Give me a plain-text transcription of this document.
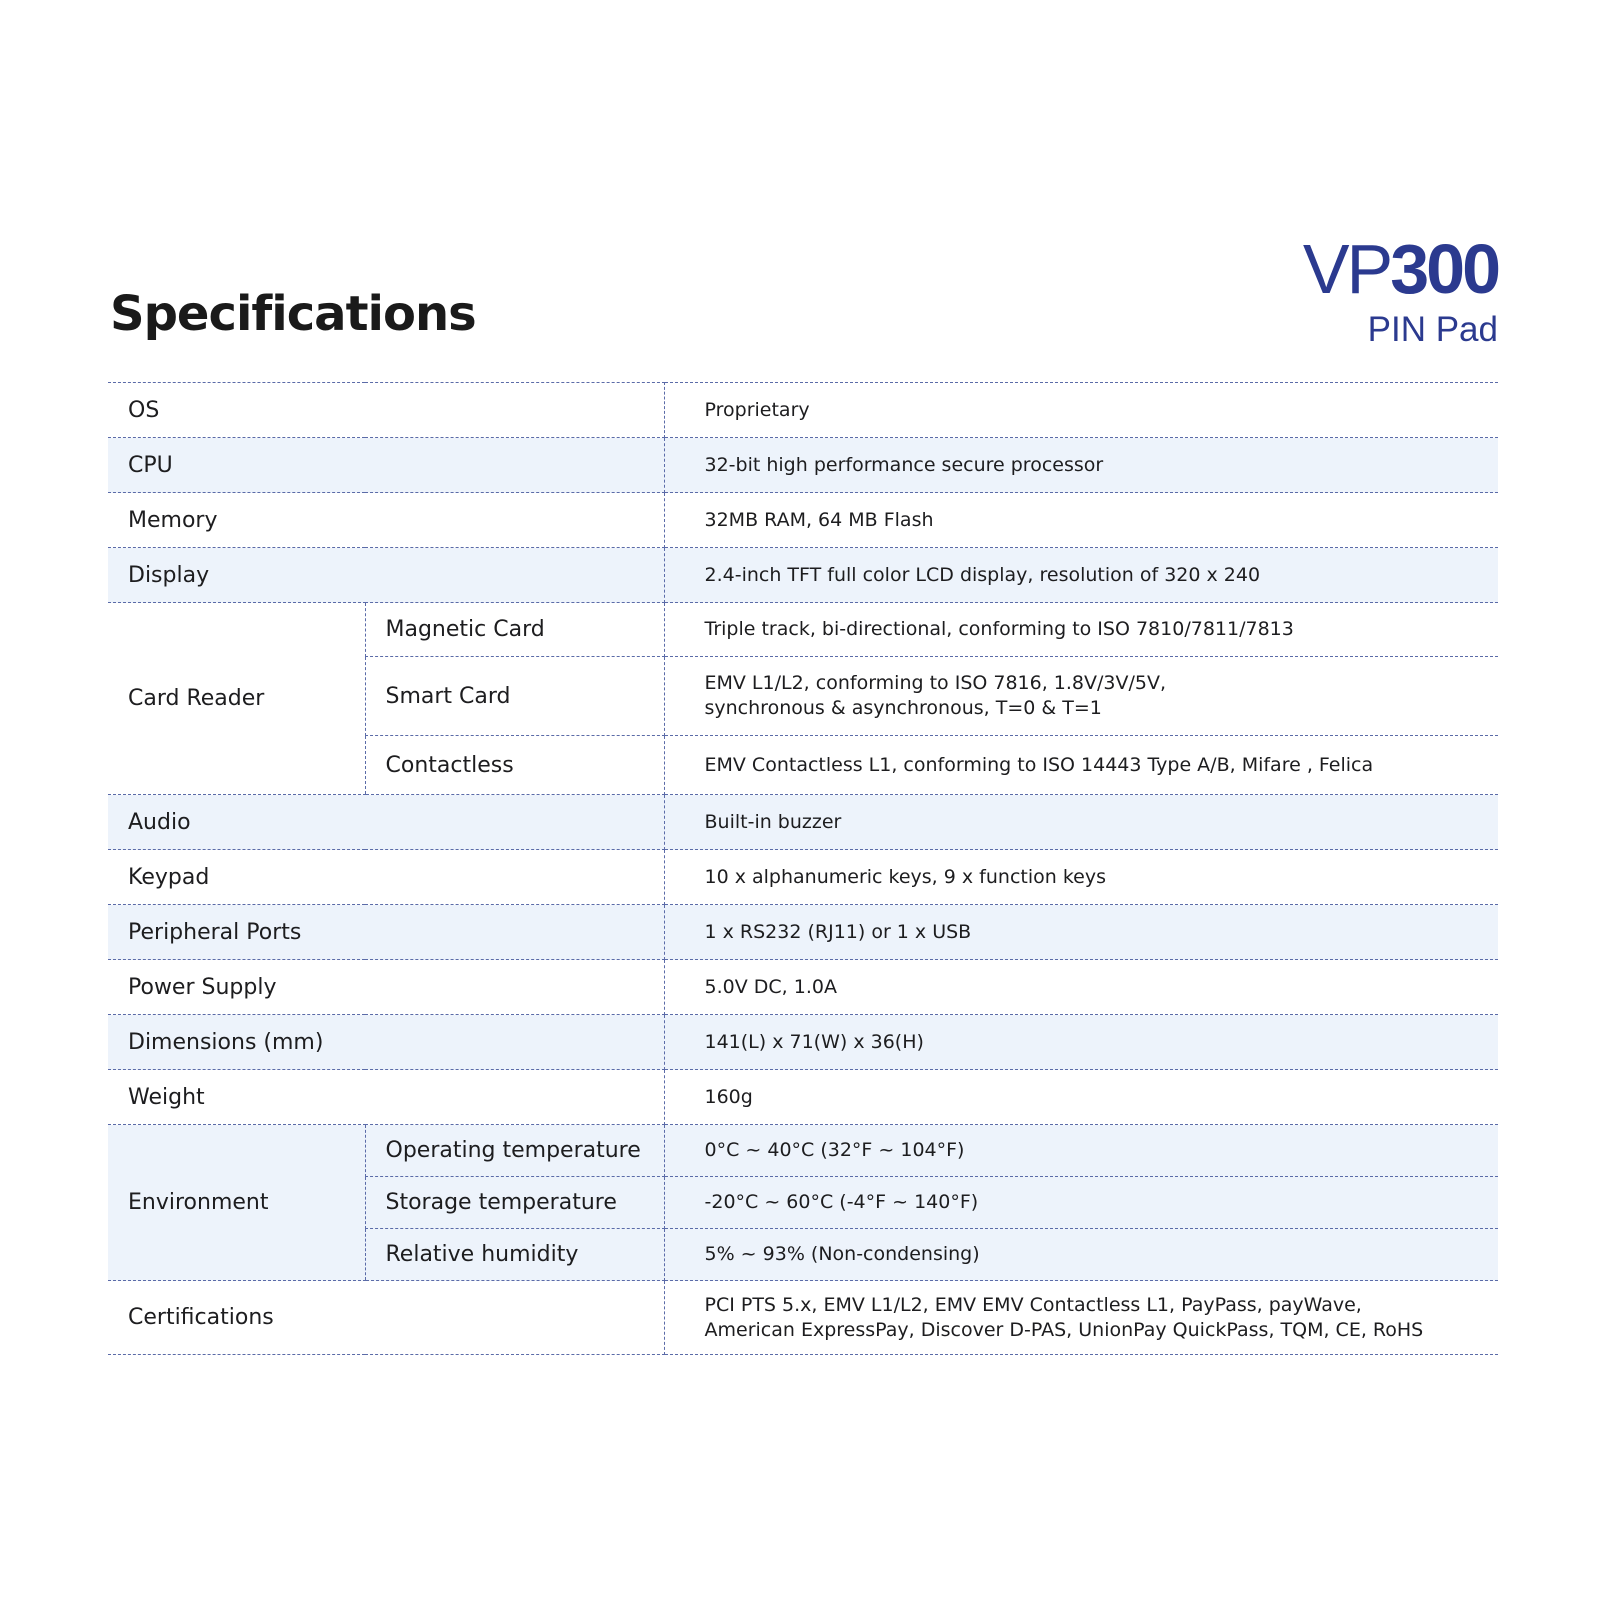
Specifications
VP300
PIN Pad
OS		Proprietary
CPU		32-bit high performance secure processor
Memory		32MB RAM, 64 MB Flash
Display		2.4-inch TFT full color LCD display, resolution of 320 x 240
Card Reader	Magnetic Card	Triple track, bi-directional, conforming to ISO 7810/7811/7813
	Smart Card	EMV L1/L2, conforming to ISO 7816, 1.8V/3V/5V,
synchronous & asynchronous, T=0 & T=1

	Contactless	EMV Contactless L1, conforming to ISO 14443 Type A/B, Mifare , Felica
Audio		Built-in buzzer
Keypad		10 x alphanumeric keys, 9 x function keys
Peripheral Ports		1 x RS232 (RJ11) or 1 x USB
Power Supply		5.0V DC, 1.0A
Dimensions (mm)		141(L) x 71(W) x 36(H)
Weight		160g
Environment	Operating temperature	0°C ~ 40°C (32°F ~ 104°F)
	Storage temperature	-20°C ~ 60°C (-4°F ~ 140°F)
	Relative humidity	5% ~ 93% (Non-condensing)
Certifications		PCI PTS 5.x, EMV L1/L2, EMV EMV Contactless L1, PayPass, payWave,
American ExpressPay, Discover D-PAS, UnionPay QuickPass, TQM, CE, RoHS
